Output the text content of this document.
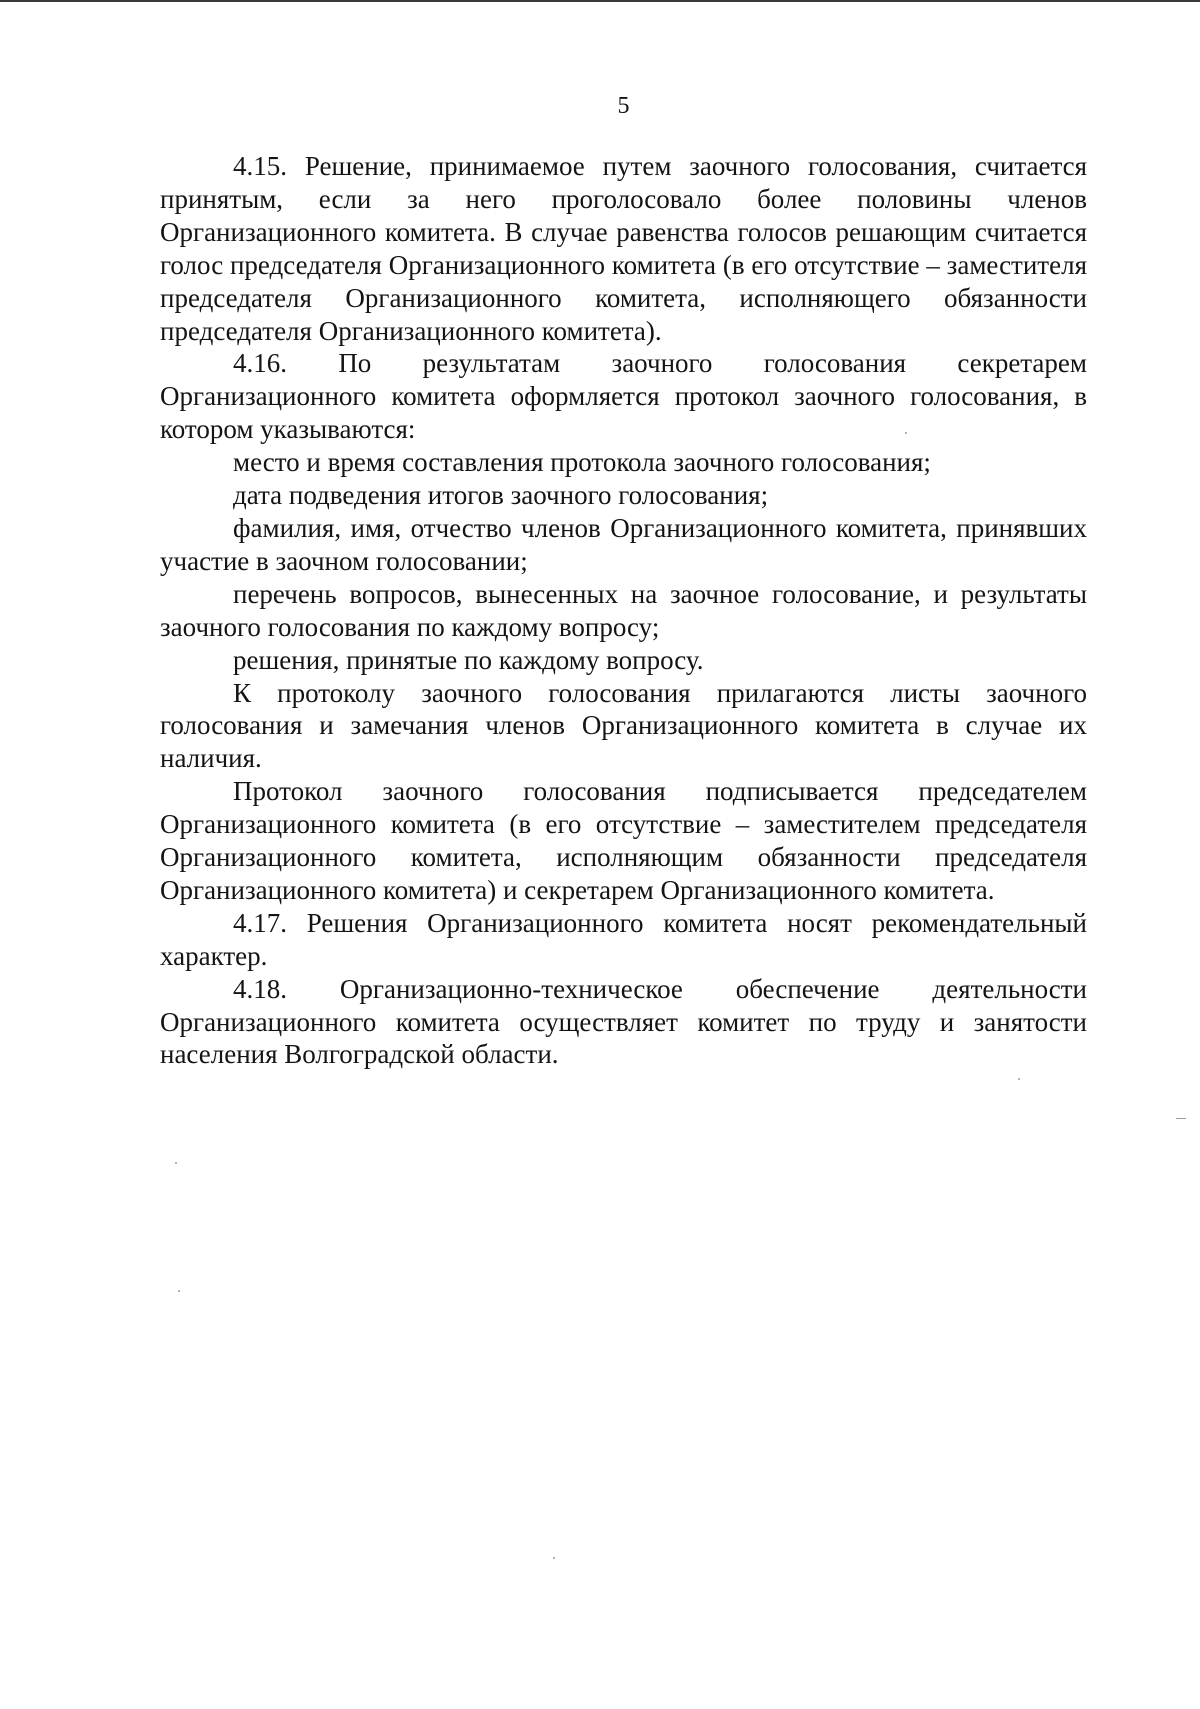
5

4.15. Решение, принимаемое путем заочного голосования, считается принятым, если за него проголосовало более половины членов Организационного комитета. В случае равенства голосов решающим считается голос председателя Организационного комитета (в его отсутствие – заместителя председателя Организационного комитета, исполняющего обязанности председателя Организационного комитета).

4.16. По результатам заочного голосования секретарем Организационного комитета оформляется протокол заочного голосования, в котором указываются:

место и время составления протокола заочного голосования;

дата подведения итогов заочного голосования;

фамилия, имя, отчество членов Организационного комитета, принявших участие в заочном голосовании;

перечень вопросов, вынесенных на заочное голосование, и результаты заочного голосования по каждому вопросу;

решения, принятые по каждому вопросу.

К протоколу заочного голосования прилагаются листы заочного голосования и замечания членов Организационного комитета в случае их наличия.

Протокол заочного голосования подписывается председателем Организационного комитета (в его отсутствие – заместителем председателя Организационного комитета, исполняющим обязанности председателя Организационного комитета) и секретарем Организационного комитета.

4.17. Решения Организационного комитета носят рекомендательный характер.

4.18. Организационно-техническое обеспечение деятельности Организационного комитета осуществляет комитет по труду и занятости населения Волгоградской области.
